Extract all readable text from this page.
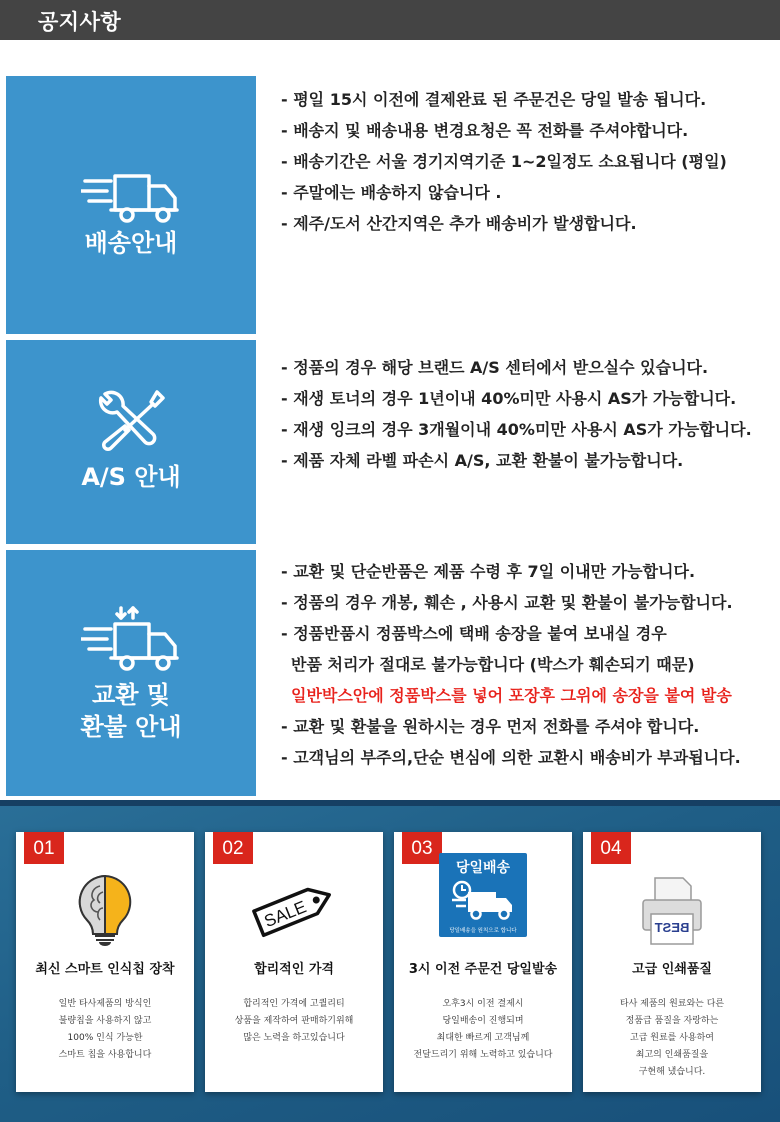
공지사항
배송안내
- 평일 15시 이전에 결제완료 된 주문건은 당일 발송 됩니다.
- 배송지 및 배송내용 변경요청은 꼭 전화를 주셔야합니다.
- 배송기간은 서울 경기지역기준 1~2일정도 소요됩니다 (평일)
- 주말에는 배송하지 않습니다 .
- 제주/도서 산간지역은 추가 배송비가 발생합니다.
A/S 안내
- 정품의 경우 해당 브랜드 A/S 센터에서 받으실수 있습니다.
- 재생 토너의 경우 1년이내 40%미만 사용시 AS가 가능합니다.
- 재생 잉크의 경우 3개월이내 40%미만 사용시 AS가 가능합니다.
- 제품 자체 라벨 파손시 A/S, 교환 환불이 불가능합니다.
교환 및
환불 안내
- 교환 및 단순반품은 제품 수령 후 7일 이내만 가능합니다.
- 정품의 경우 개봉, 훼손 , 사용시 교환 및 환불이 불가능합니다.
- 정품반품시 정품박스에 택배 송장을 붙여 보내실 경우
반품 처리가 절대로 불가능합니다 (박스가 훼손되기 때문)
일반박스안에 정품박스를 넣어 포장후 그위에 송장을 붙여 발송
- 교환 및 환불을 원하시는 경우 먼저 전화를 주셔야 합니다.
- 고객님의 부주의,단순 변심에 의한 교환시 배송비가 부과됩니다.
01
최신 스마트 인식칩 장착
일반 타사제품의 방식인
불량칩을 사용하지 않고
100% 인식 가능한
스마트 칩을 사용합니다
02
SALE
합리적인 가격
합리적인 가격에 고퀄리티
상품을 제작하여 판매하기위해
많은 노력을 하고있습니다
03
당일배송
당일배송을 원칙으로 합니다
3시 이전 주문건 당일발송
오후3시 이전 결제시
당일배송이 진행되며
최대한 빠르게 고객님께
전달드리기 위해 노력하고 있습니다
04
BEST
고급 인쇄품질
타사 제품의 원료와는 다른
정품급 품질을 자랑하는
고급 원료를 사용하여
최고의 인쇄품질을
구현해 냈습니다.
